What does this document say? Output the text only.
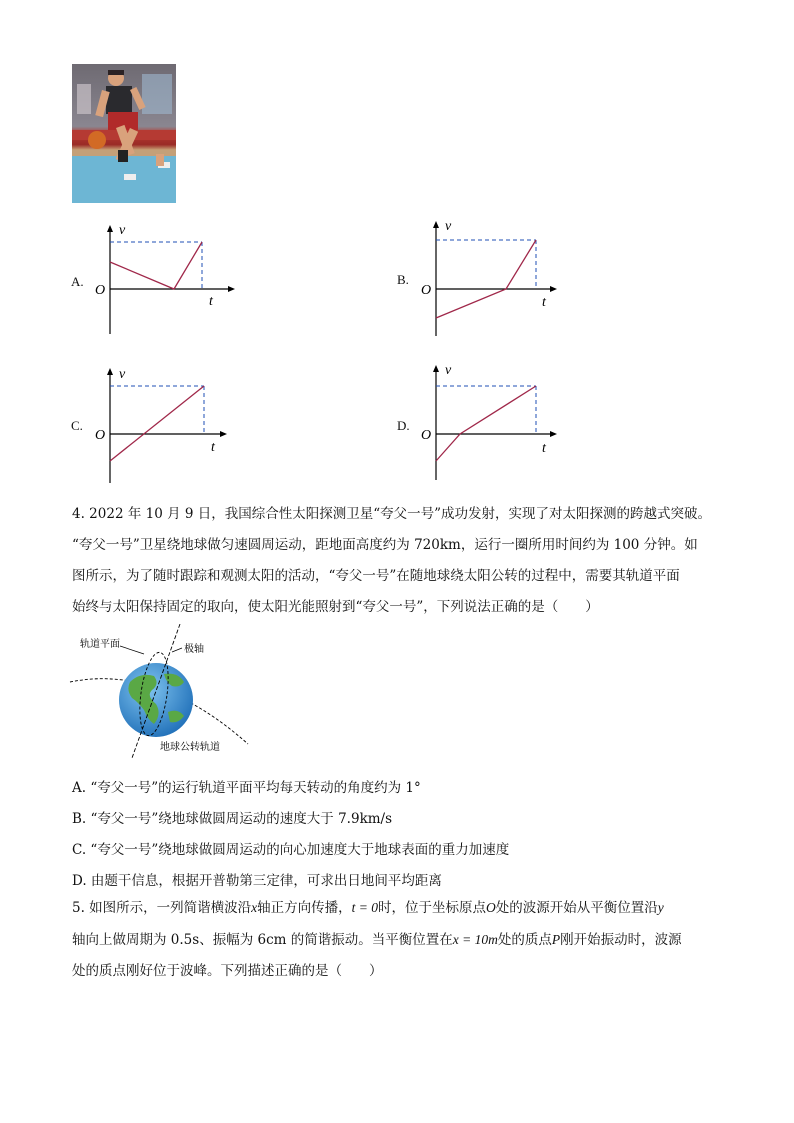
A.
v
t
O
B.
v
t
O
C.
v
t
O
D.
v
t
O

4. 2022 年 10 月 9 日，我国综合性太阳探测卫星“夸父一号”成功发射，实现了对太阳探测的跨越式突破。

“夸父一号”卫星绕地球做匀速圆周运动，距地面高度约为 720km，运行一圈所用时间约为 100 分钟。如

图所示，为了随时跟踪和观测太阳的活动，“夸父一号”在随地球绕太阳公转的过程中，需要其轨道平面

始终与太阳保持固定的取向，使太阳光能照射到“夸父一号”，下列说法正确的是（　　）

轨道平面	极轴
地球公转轨道
A. “夸父一号”的运行轨道平面平均每天转动的角度约为 1°
B. “夸父一号”绕地球做圆周运动的速度大于 7.9km/s
C. “夸父一号”绕地球做圆周运动的向心加速度大于地球表面的重力加速度
D. 由题干信息，根据开普勒第三定律，可求出日地间平均距离

5. 如图所示，一列简谐横波沿x轴正方向传播，t = 0时，位于坐标原点O处的波源开始从平衡位置沿y

轴向上做周期为 0.5s、振幅为 6cm 的简谐振动。当平衡位置在x = 10m处的质点P刚开始振动时，波源

处的质点刚好位于波峰。下列描述正确的是（　　）
